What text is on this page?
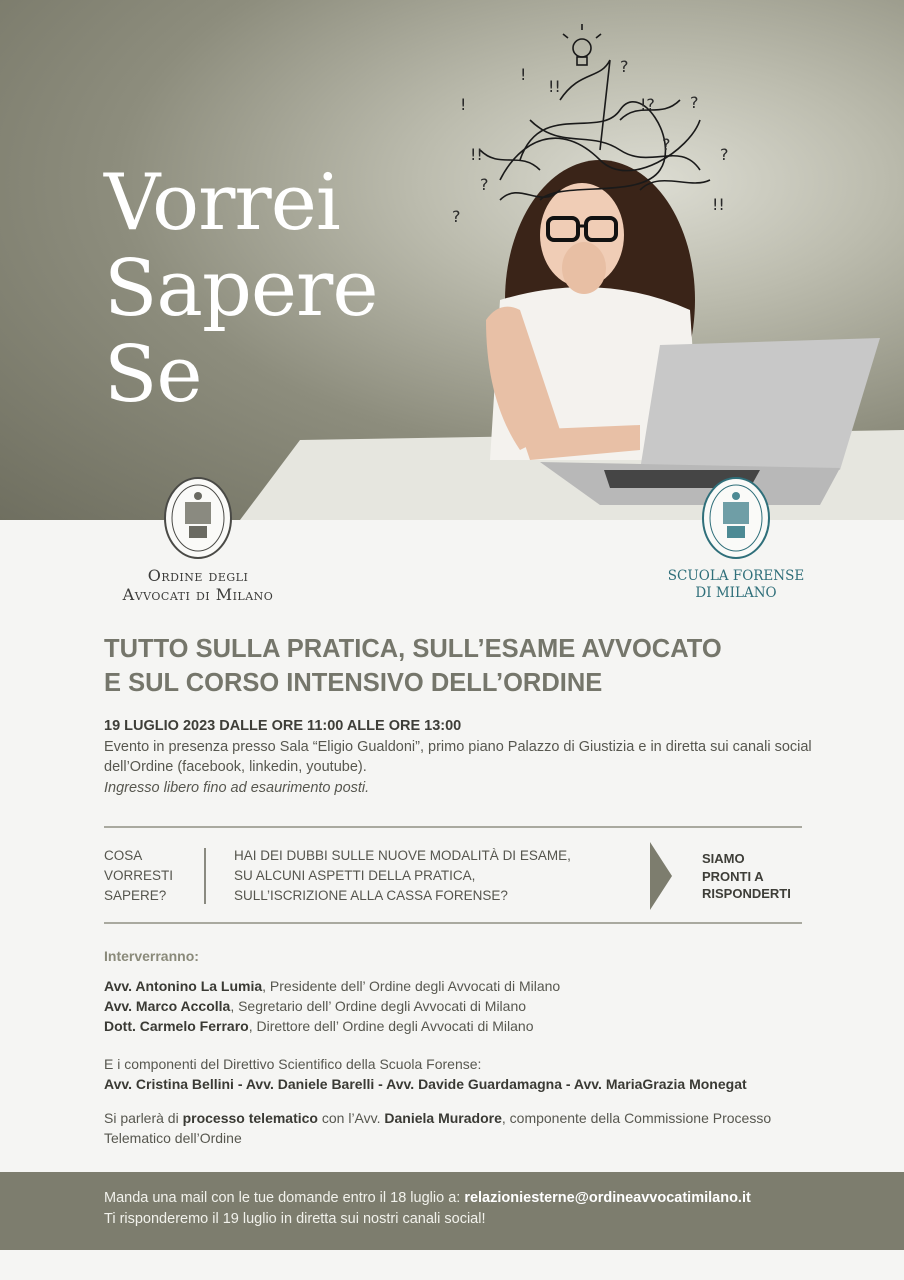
!
!!
?
!? ?
!!
!
!!
?
?
?
?
Vorrei
Sapere
Se
Ordine degli
Avvocati di Milano
SCUOLA FORENSE
DI MILANO
TUTTO SULLA PRATICA, SULL’ESAME AVVOCATO
E SUL CORSO INTENSIVO DELL’ORDINE
19 LUGLIO 2023 DALLE ORE 11:00 ALLE ORE 13:00
Evento in presenza presso Sala “Eligio Gualdoni”, primo piano Palazzo di Giustizia e in diretta sui canali social dell’Ordine (facebook, linkedin, youtube).
Ingresso libero fino ad esaurimento posti.
COSA
VORRESTI
SAPERE?
HAI DEI DUBBI SULLE NUOVE MODALITÀ DI ESAME,
SU ALCUNI ASPETTI DELLA PRATICA,
SULL’ISCRIZIONE ALLA CASSA FORENSE?
SIAMO
PRONTI A
RISPONDERTI
Interverranno:
Avv. Antonino La Lumia, Presidente dell’ Ordine degli Avvocati di Milano
Avv. Marco Accolla, Segretario dell’ Ordine degli Avvocati di Milano
Dott. Carmelo Ferraro, Direttore dell’ Ordine degli Avvocati di Milano
E i componenti del Direttivo Scientifico della Scuola Forense:
Avv. Cristina Bellini - Avv. Daniele Barelli - Avv. Davide Guardamagna - Avv. MariaGrazia Monegat
Si parlerà di processo telematico con l’Avv. Daniela Muradore, componente della Commissione Processo Telematico dell’Ordine
Manda una mail con le tue domande entro il 18 luglio a: relazioniesterne@ordineavvocatimilano.it
Ti risponderemo il 19 luglio in diretta sui nostri canali social!
